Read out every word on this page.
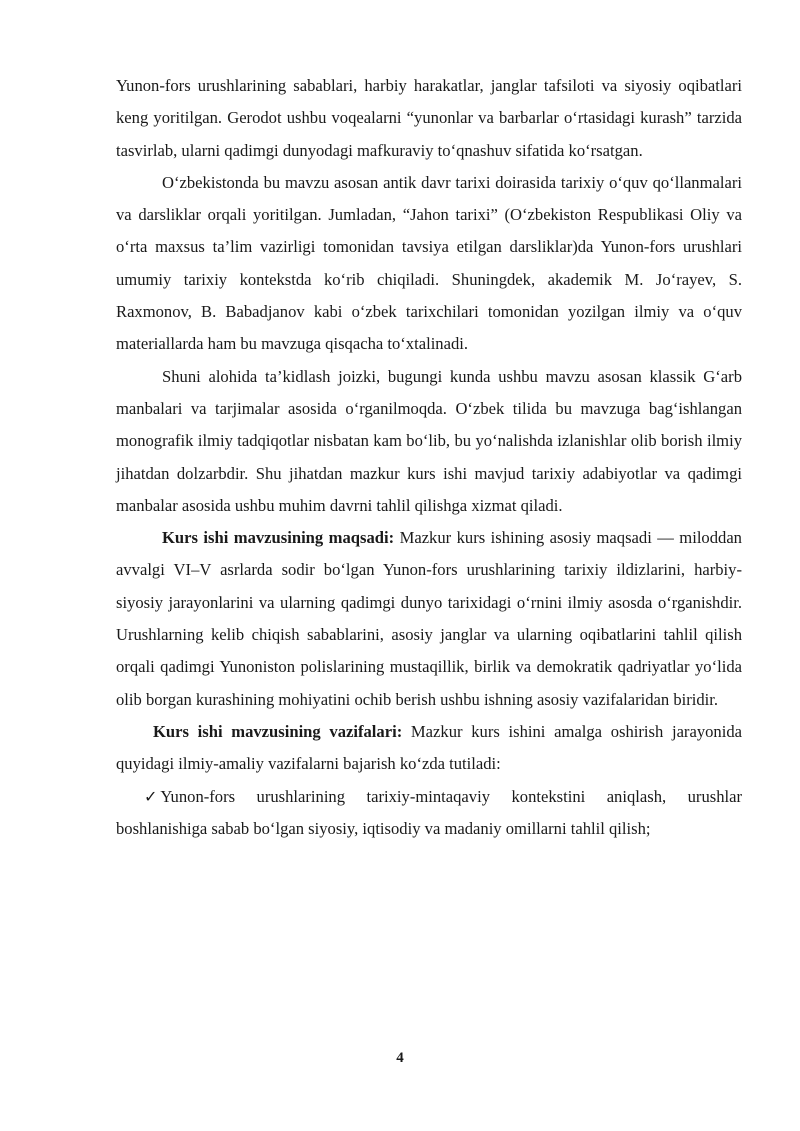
Yunon-fors urushlarining sabablari, harbiy harakatlar, janglar tafsiloti va siyosiy oqibatlari keng yoritilgan. Gerodot ushbu voqealarni “yunonlar va barbarlar o‘rtasidagi kurash” tarzida tasvirlab, ularni qadimgi dunyodagi mafkuraviy to‘qnashuv sifatida ko‘rsatgan.

O‘zbekistonda bu mavzu asosan antik davr tarixi doirasida tarixiy o‘quv qo‘llanmalari va darsliklar orqali yoritilgan. Jumladan, “Jahon tarixi” (O‘zbekiston Respublikasi Oliy va o‘rta maxsus ta’lim vazirligi tomonidan tavsiya etilgan darsliklar)da Yunon-fors urushlari umumiy tarixiy kontekstda ko‘rib chiqiladi. Shuningdek, akademik M. Jo‘rayev, S. Raxmonov, B. Babadjanov kabi o‘zbek tarixchilari tomonidan yozilgan ilmiy va o‘quv materiallarda ham bu mavzuga qisqacha to‘xtalinadi.

Shuni alohida ta’kidlash joizki, bugungi kunda ushbu mavzu asosan klassik G‘arb manbalari va tarjimalar asosida o‘rganilmoqda. O‘zbek tilida bu mavzuga bag‘ishlangan monografik ilmiy tadqiqotlar nisbatan kam bo‘lib, bu yo‘nalishda izlanishlar olib borish ilmiy jihatdan dolzarbdir. Shu jihatdan mazkur kurs ishi mavjud tarixiy adabiyotlar va qadimgi manbalar asosida ushbu muhim davrni tahlil qilishga xizmat qiladi.

Kurs ishi mavzusining maqsadi: Mazkur kurs ishining asosiy maqsadi — miloddan avvalgi VI–V asrlarda sodir bo‘lgan Yunon-fors urushlarining tarixiy ildizlarini, harbiy-siyosiy jarayonlarini va ularning qadimgi dunyo tarixidagi o‘rnini ilmiy asosda o‘rganishdir. Urushlarning kelib chiqish sabablarini, asosiy janglar va ularning oqibatlarini tahlil qilish orqali qadimgi Yunoniston polislarining mustaqillik, birlik va demokratik qadriyatlar yo‘lida olib borgan kurashining mohiyatini ochib berish ushbu ishning asosiy vazifalaridan biridir.

Kurs ishi mavzusining vazifalari: Mazkur kurs ishini amalga oshirish jarayonida quyidagi ilmiy-amaliy vazifalarni bajarish ko‘zda tutiladi:

✓ Yunon-fors urushlarining tarixiy-mintaqaviy kontekstini aniqlash, urushlar boshlanishiga sabab bo‘lgan siyosiy, iqtisodiy va madaniy omillarni tahlil qilish;

4
